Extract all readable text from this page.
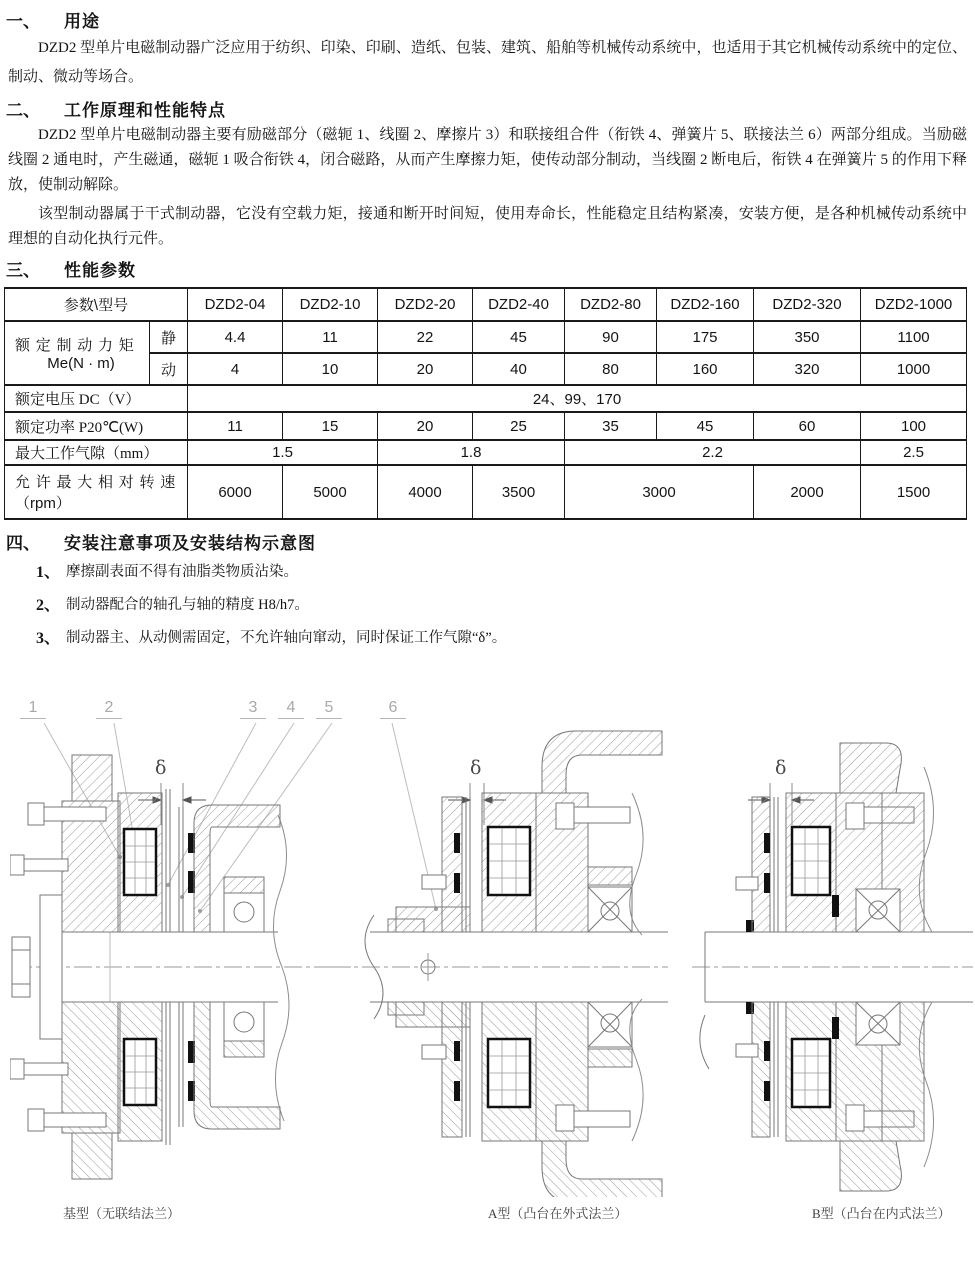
一、	用途

DZD2 型单片电磁制动器广泛应用于纺织、印染、印刷、造纸、包装、建筑、船舶等机械传动系统中，也适用于其它机械传动系统中的定位、制动、微动等场合。

二、	工作原理和性能特点

DZD2 型单片电磁制动器主要有励磁部分（磁轭 1、线圈 2、摩擦片 3）和联接组合件（衔铁 4、弹簧片 5、联接法兰 6）两部分组成。当励磁线圈 2 通电时，产生磁通，磁轭 1 吸合衔铁 4，闭合磁路，从而产生摩擦力矩，使传动部分制动，当线圈 2 断电后，衔铁 4 在弹簧片 5 的作用下释放，使制动解除。

该型制动器属于干式制动器，它没有空载力矩，接通和断开时间短，使用寿命长，性能稳定且结构紧凑，安装方便，是各种机械传动系统中理想的自动化执行元件。

三、	性能参数
参数\型号		DZD2-04	DZD2-10	DZD2-20	DZD2-40	DZD2-80	DZD2-160	DZD2-320	DZD2-1000

额 定 制 动 力 矩
Me(N · m)	静	4.4	11	22	45	90	175	350	1100
	动	4	10	20	40	80	160	320	1000
额定电压 DC（V）		24、99、170							
额定功率 P20℃(W)		11	15	20	25	35	45	60	100
最大工作气隙（mm）		1.5		1.8		2.2			2.5

允 许 最 大 相 对 转 速
（rpm）		6000	5000	4000	3500	3000		2000	1500
四、	安装注意事项及安装结构示意图
1、 摩擦副表面不得有油脂类物质沾染。
2、 制动器配合的轴孔与轴的精度 H8/h7。
3、 制动器主、从动侧需固定，不允许轴向窜动，同时保证工作气隙“δ”。
1	2	3	4	5	6
δ	δ	δ
基型（无联结法兰）	A型（凸台在外式法兰）	B型（凸台在内式法兰）
